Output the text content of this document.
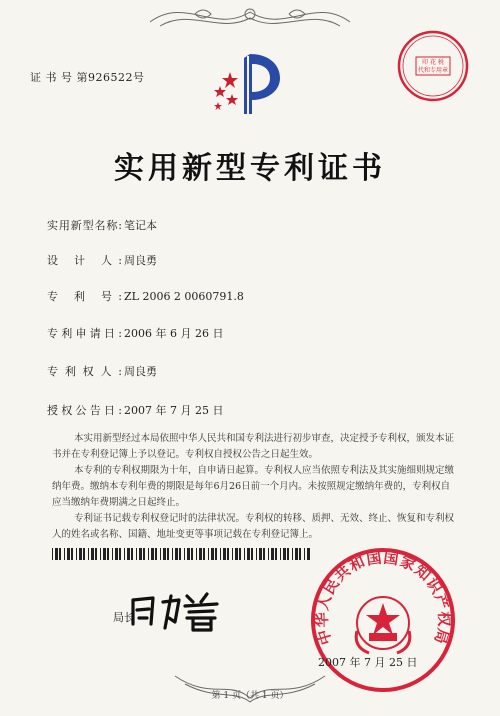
印 花 税
代和专用章
证 书 号 第926522号
实用新型专利证书
实用新型名称: 笔记本
设 计 人: 周良勇
专 利 号: ZL 2006 2 0060791.8
专利申请日: 2006 年 6 月 26 日
专利权人: 周良勇
授权公告日: 2007 年 7 月 25 日

本实用新型经过本局依照中华人民共和国专利法进行初步审查，决定授予专利权，颁发本证书并在专利登记簿上予以登记。专利权自授权公告之日起生效。

本专利的专利权期限为十年，自申请日起算。专利权人应当依照专利法及其实施细则规定缴纳年费。缴纳本专利年费的期限是每年6月26日前一个月内。未按照规定缴纳年费的，专利权自应当缴纳年费期满之日起终止。

专利证书记载专利权登记时的法律状况。专利权的转移、质押、无效、终止、恢复和专利权人的姓名或名称、国籍、地址变更等事项记载在专利登记簿上。

局长
中华人民共和国国家知识产权局
2007 年 7 月 25 日
第 1 页（共 1 页）
